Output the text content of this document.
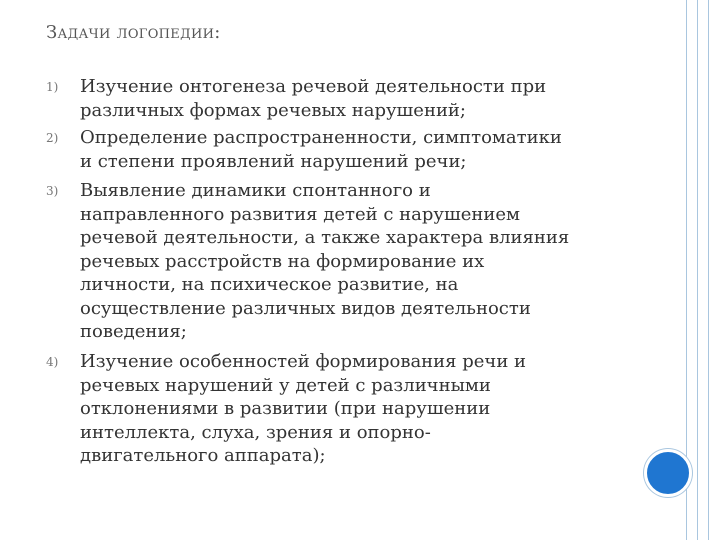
Задачи логопедии:
1)	Изучение онтогенеза речевой деятельности при
различных формах речевых нарушений;
2)	Определение распространенности, симптоматики
и степени проявлений нарушений речи;
3)	Выявление динамики спонтанного и
направленного развития детей с нарушением
речевой деятельности, а также характера влияния
речевых расстройств на формирование их
личности, на психическое развитие, на
осуществление различных видов деятельности
поведения;
4)	Изучение особенностей формирования речи и
речевых нарушений у детей с различными
отклонениями в развитии (при нарушении
интеллекта, слуха, зрения и опорно-
двигательного аппарата);
